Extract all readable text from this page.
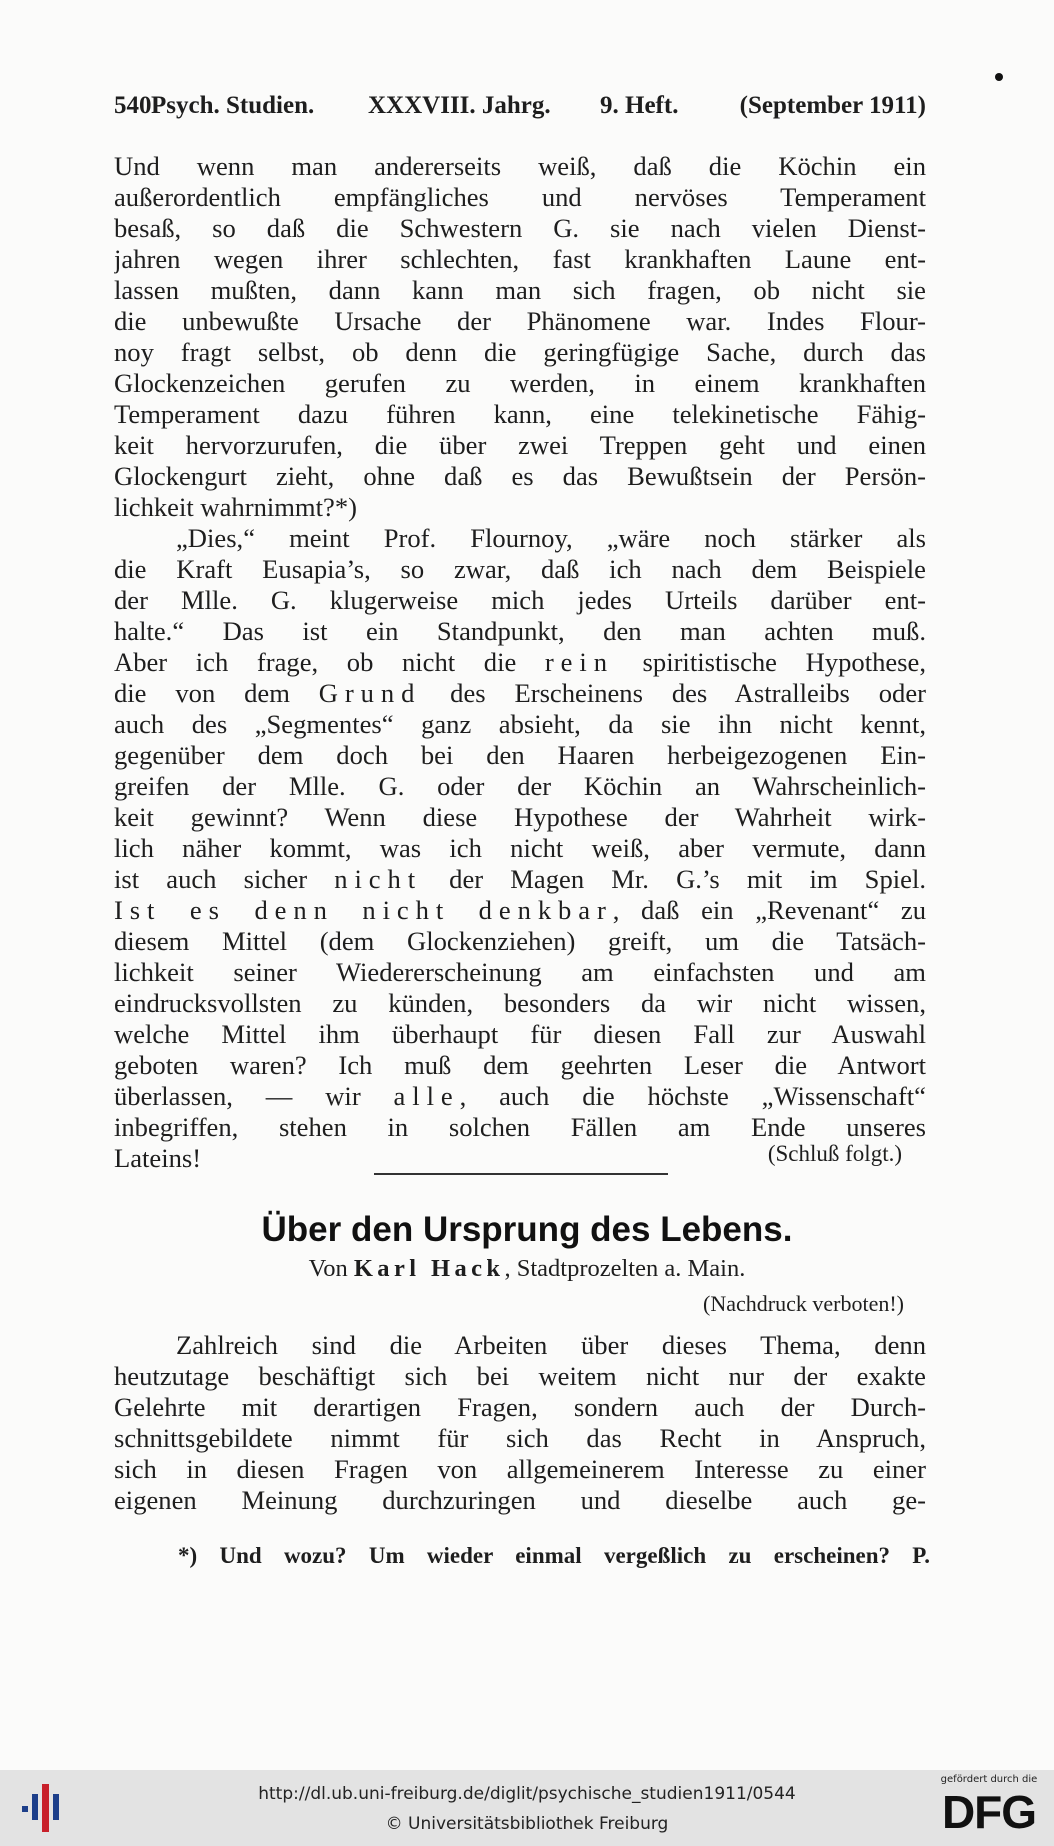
540 Psych. Studien. XXXVIII. Jahrg. 9. Heft. (September 1911)
Und wenn man andererseits weiß, daß die Köchin ein
außerordentlich empfängliches und nervöses Temperament
besaß, so daß die Schwestern G. sie nach vielen Dienst-
jahren wegen ihrer schlechten, fast krankhaften Laune ent-
lassen mußten, dann kann man sich fragen, ob nicht sie
die unbewußte Ursache der Phänomene war. Indes Flour-
noy fragt selbst, ob denn die geringfügige Sache, durch das
Glockenzeichen gerufen zu werden, in einem krankhaften
Temperament dazu führen kann, eine telekinetische Fähig-
keit hervorzurufen, die über zwei Treppen geht und einen
Glockengurt zieht, ohne daß es das Bewußtsein der Persön-
lichkeit wahrnimmt?*)
„Dies,“ meint Prof. Flournoy, „wäre noch stärker als
die Kraft Eusapia’s, so zwar, daß ich nach dem Beispiele
der Mlle. G. klugerweise mich jedes Urteils darüber ent-
halte.“ Das ist ein Standpunkt, den man achten muß.
Aber ich frage, ob nicht die rein spiritistische Hypothese,
die von dem Grund des Erscheinens des Astralleibs oder
auch des „Segmentes“ ganz absieht, da sie ihn nicht kennt,
gegenüber dem doch bei den Haaren herbeigezogenen Ein-
greifen der Mlle. G. oder der Köchin an Wahrscheinlich-
keit gewinnt? Wenn diese Hypothese der Wahrheit wirk-
lich näher kommt, was ich nicht weiß, aber vermute, dann
ist auch sicher nicht der Magen Mr. G.’s mit im Spiel.
Ist es denn nicht denkbar, daß ein „Revenant“ zu
diesem Mittel (dem Glockenziehen) greift, um die Tatsäch-
lichkeit seiner Wiedererscheinung am einfachsten und am
eindrucksvollsten zu künden, besonders da wir nicht wissen,
welche Mittel ihm überhaupt für diesen Fall zur Auswahl
geboten waren? Ich muß dem geehrten Leser die Antwort
überlassen, — wir alle, auch die höchste „Wissenschaft“
inbegriffen, stehen in solchen Fällen am Ende unseres
Lateins!	(Schluß folgt.)
Über den Ursprung des Lebens.
Von Karl Hack, Stadtprozelten a. Main.
(Nachdruck verboten!)
Zahlreich sind die Arbeiten über dieses Thema, denn
heutzutage beschäftigt sich bei weitem nicht nur der exakte
Gelehrte mit derartigen Fragen, sondern auch der Durch-
schnittsgebildete nimmt für sich das Recht in Anspruch,
sich in diesen Fragen von allgemeinerem Interesse zu einer
eigenen Meinung durchzuringen und dieselbe auch ge-
*) Und wozu? Um wieder einmal vergeßlich zu erscheinen? P.
http://dl.ub.uni-freiburg.de/diglit/psychische_studien1911/0544
© Universitätsbibliothek Freiburg
gefördert durch die
DFG
